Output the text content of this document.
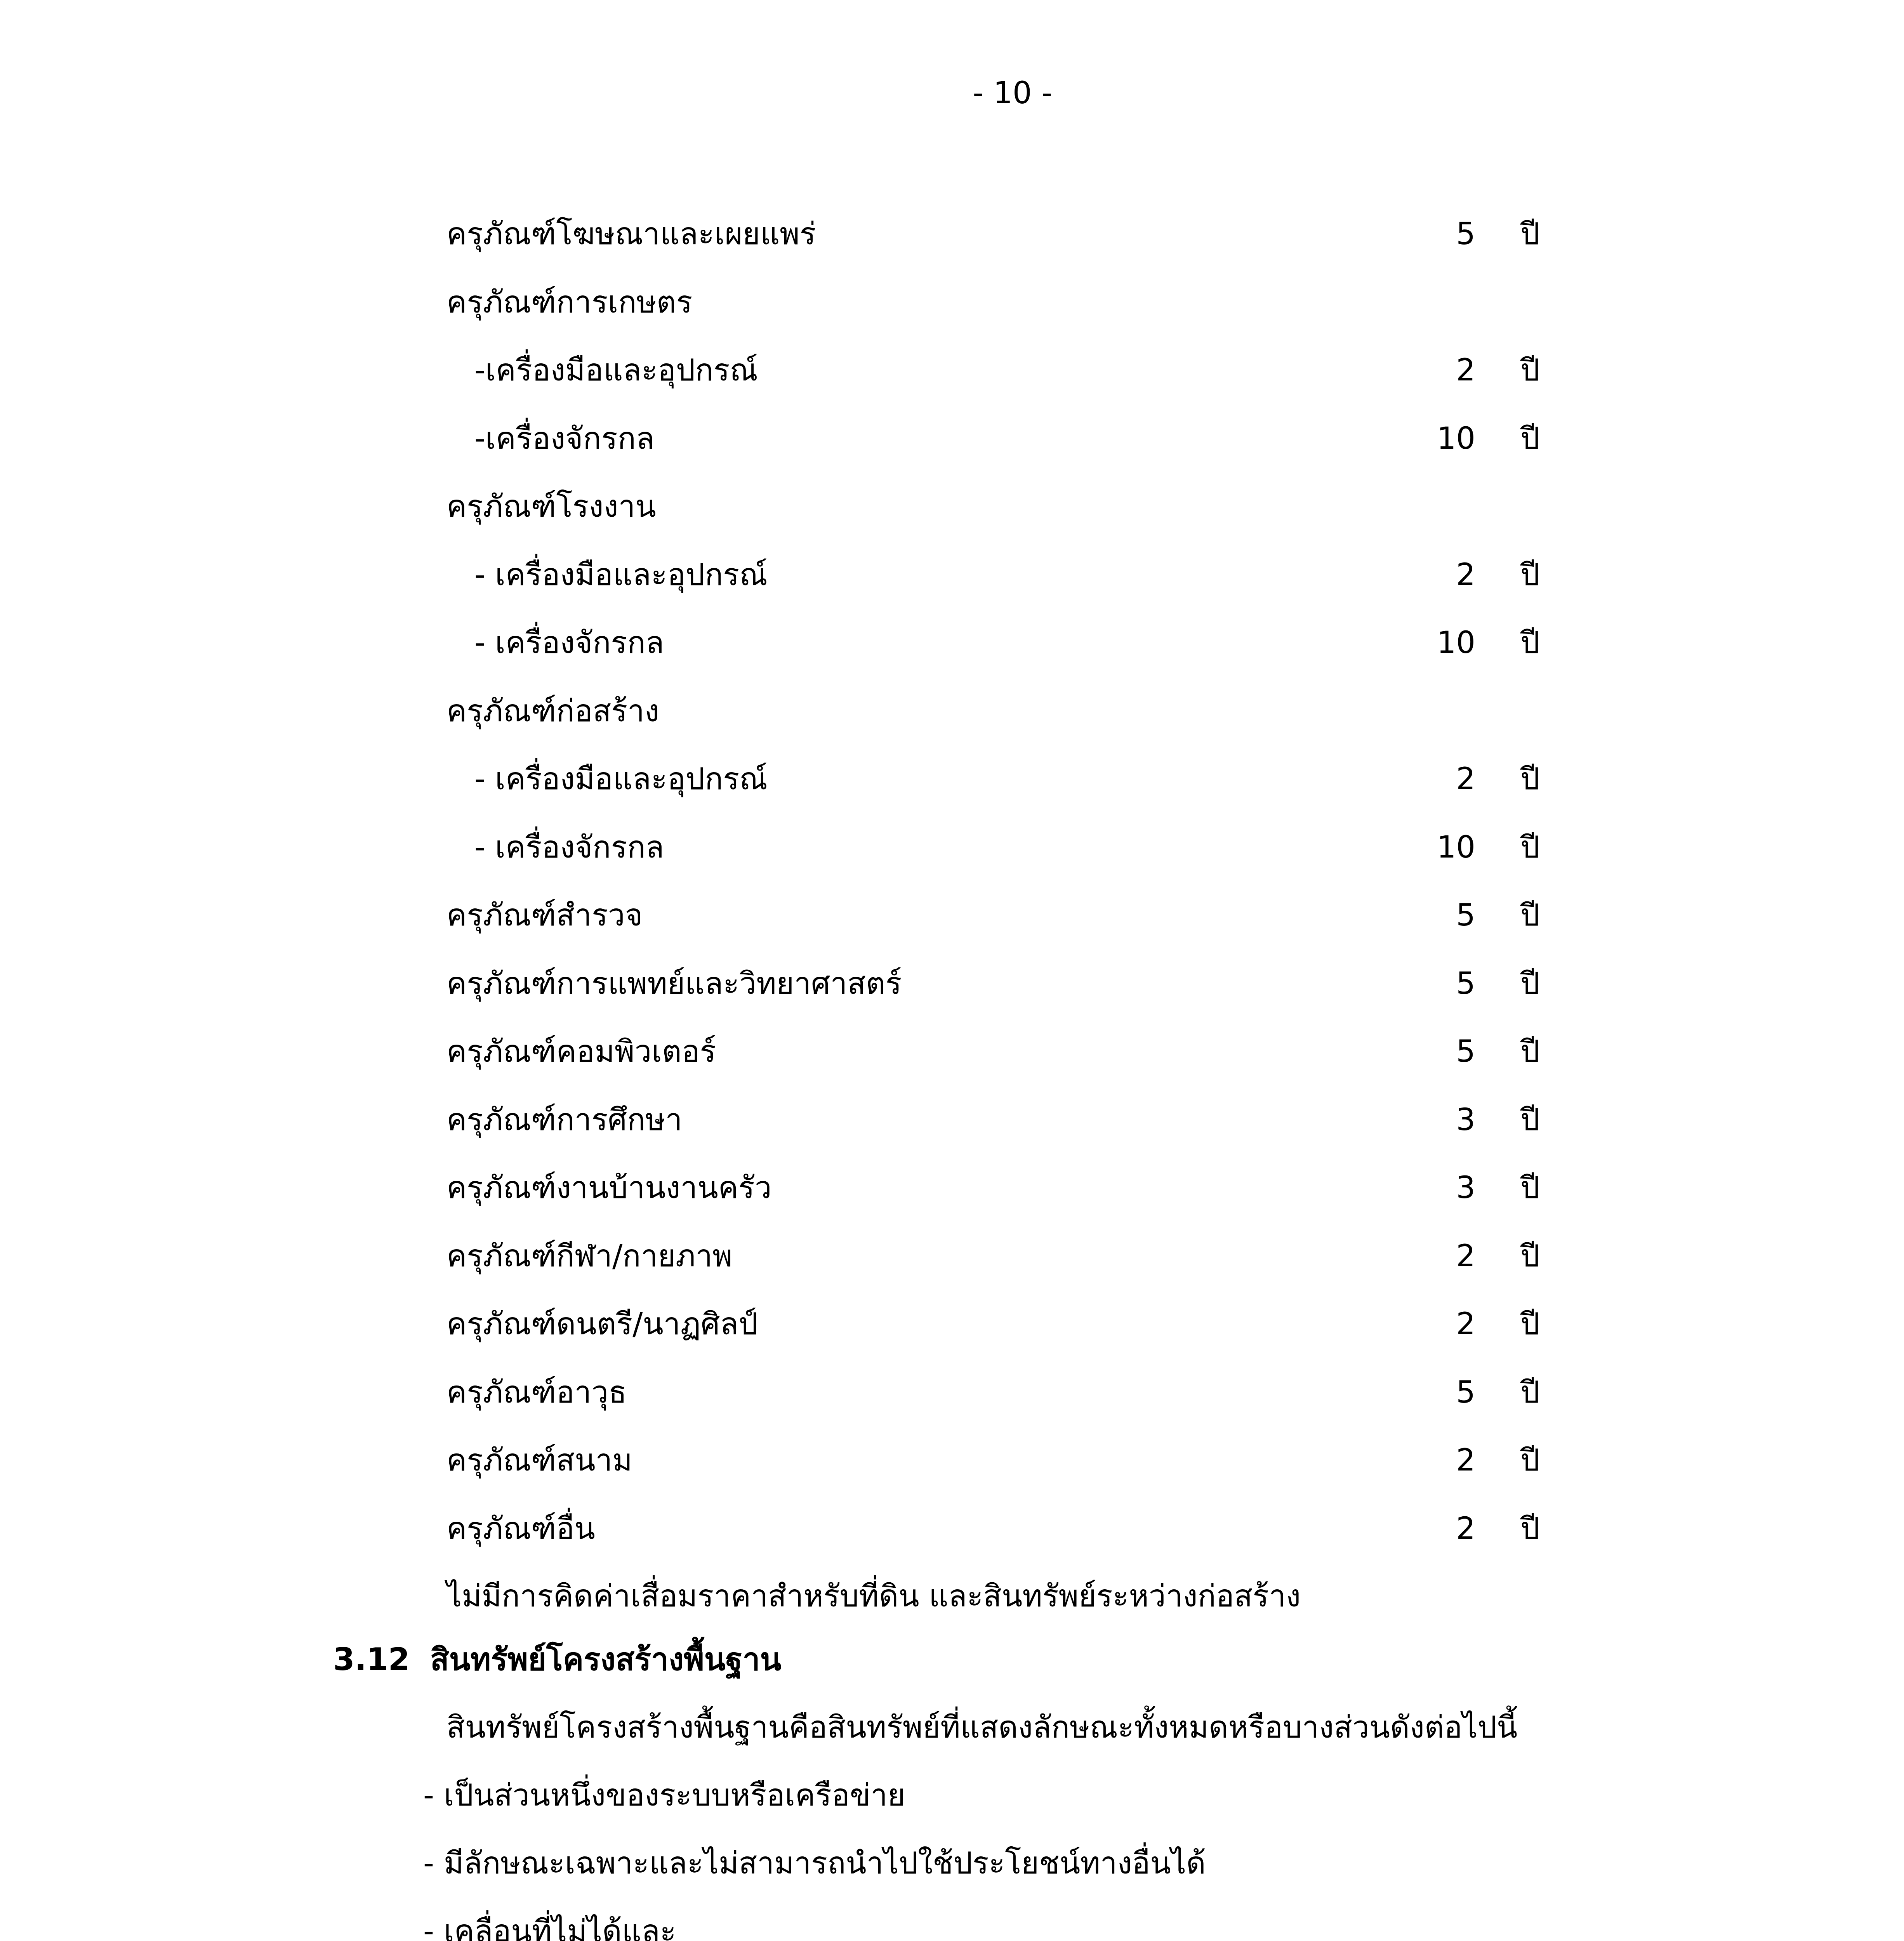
- 10 -
ครุภัณฑ์โฆษณาและเผยแพร่	5 ปี
ครุภัณฑ์การเกษตร
-เครื่องมือและอุปกรณ์	2 ปี
-เครื่องจักรกล	10 ปี
ครุภัณฑ์โรงงาน
- เครื่องมือและอุปกรณ์	2 ปี
- เครื่องจักรกล	10 ปี
ครุภัณฑ์ก่อสร้าง
- เครื่องมือและอุปกรณ์	2 ปี
- เครื่องจักรกล	10 ปี
ครุภัณฑ์สำรวจ	5 ปี
ครุภัณฑ์การแพทย์และวิทยาศาสตร์	5 ปี
ครุภัณฑ์คอมพิวเตอร์	5 ปี
ครุภัณฑ์การศึกษา	3 ปี
ครุภัณฑ์งานบ้านงานครัว	3 ปี
ครุภัณฑ์กีฬา/กายภาพ	2 ปี
ครุภัณฑ์ดนตรี/นาฏศิลป์	2 ปี
ครุภัณฑ์อาวุธ	5 ปี
ครุภัณฑ์สนาม	2 ปี
ครุภัณฑ์อื่น	2 ปี
ไม่มีการคิดค่าเสื่อมราคาสำหรับที่ดิน และสินทรัพย์ระหว่างก่อสร้าง
3.12 สินทรัพย์โครงสร้างพื้นฐาน
สินทรัพย์โครงสร้างพื้นฐานคือสินทรัพย์ที่แสดงลักษณะทั้งหมดหรือบางส่วนดังต่อไปนี้
- เป็นส่วนหนึ่งของระบบหรือเครือข่าย
- มีลักษณะเฉพาะและไม่สามารถนำไปใช้ประโยชน์ทางอื่นได้
- เคลื่อนที่ไม่ได้และ
